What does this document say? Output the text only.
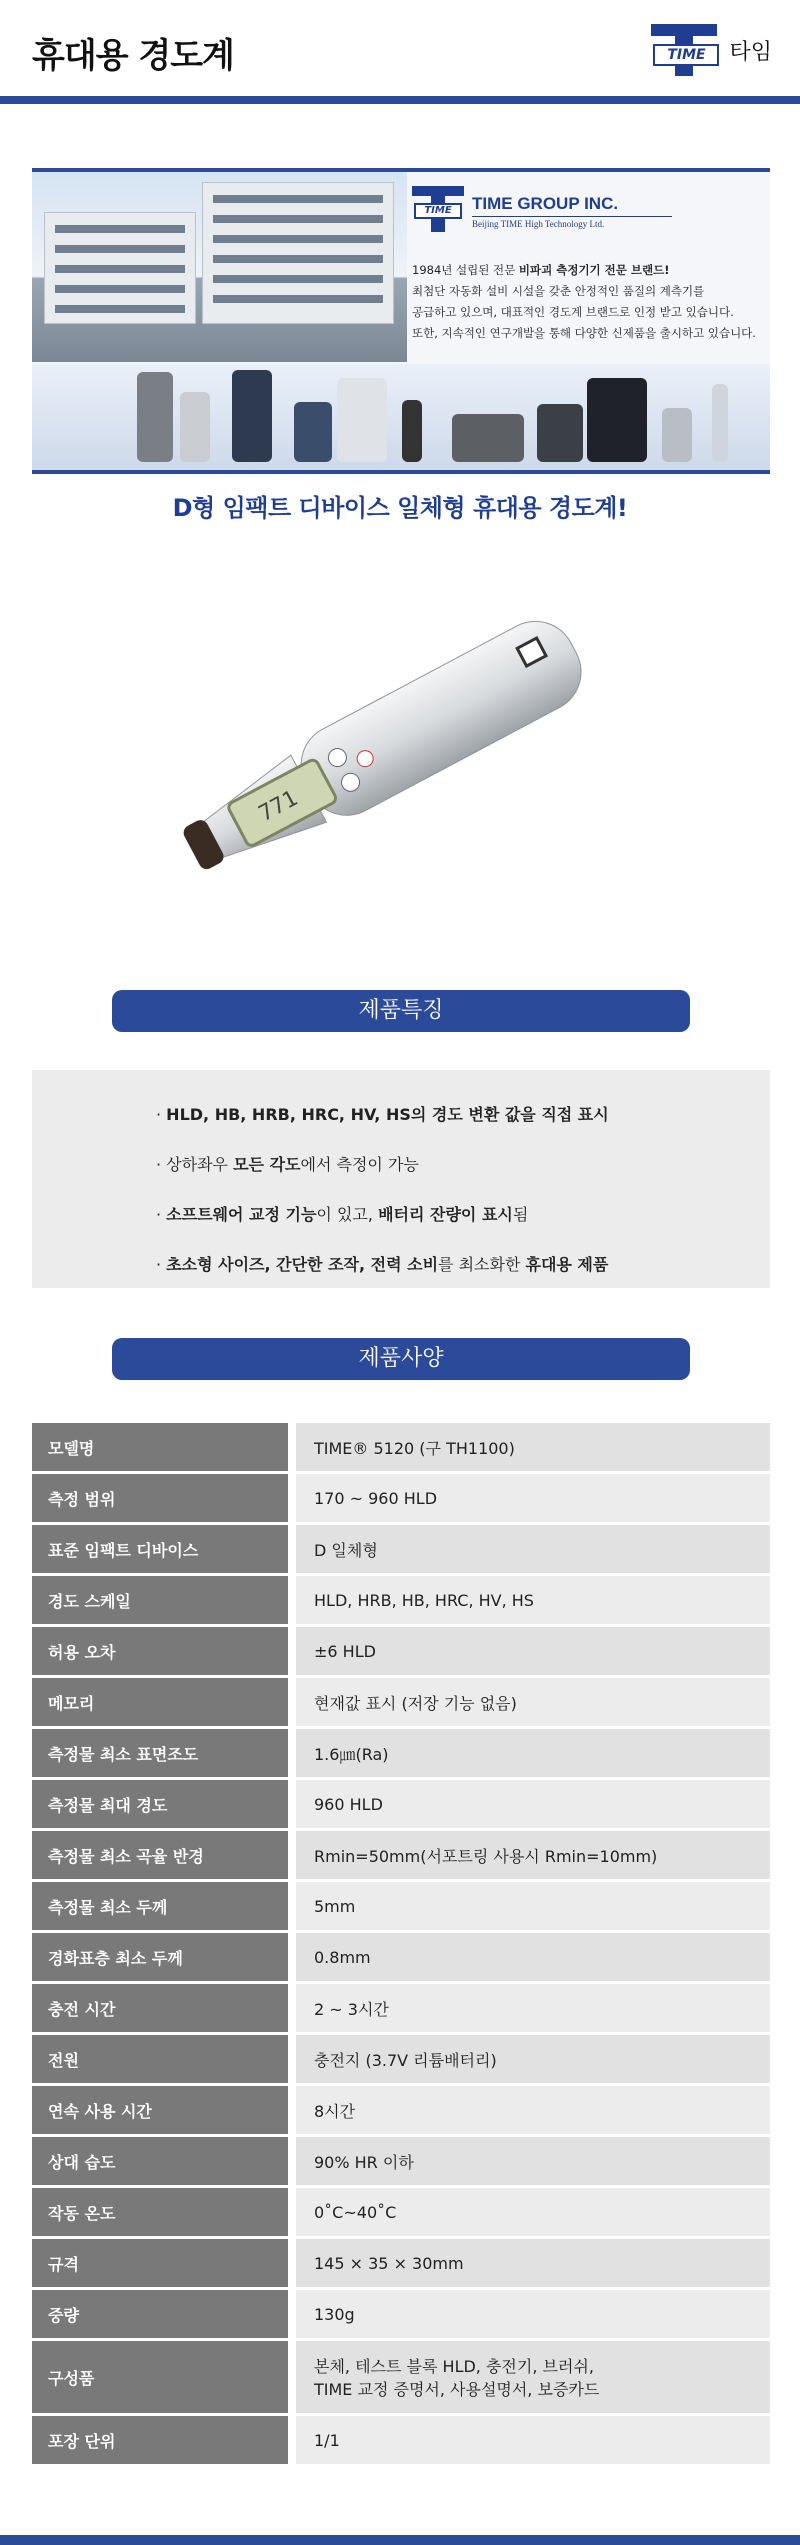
휴대용 경도계	TIME	타임
TIME	TIME GROUP INC.
Beijing TIME High Technology Ltd.
1984년 설립된 전문 비파괴 측정기기 전문 브랜드!
최첨단 자동화 설비 시설을 갖춘 안정적인 품질의 계측기를
공급하고 있으며, 대표적인 경도계 브랜드로 인정 받고 있습니다.
또한, 지속적인 연구개발을 통해 다양한 신제품을 출시하고 있습니다.
D형 임팩트 디바이스 일체형 휴대용 경도계!
771
제품특징
· HLD, HB, HRB, HRC, HV, HS의 경도 변환 값을 직접 표시
· 상하좌우 모든 각도에서 측정이 가능
· 소프트웨어 교정 기능이 있고, 배터리 잔량이 표시됨
· 초소형 사이즈, 간단한 조작, 전력 소비를 최소화한 휴대용 제품
제품사양
모델명	TIME® 5120 (구 TH1100)

측정 범위	170 ~ 960 HLD

표준 임팩트 디바이스	D 일체형

경도 스케일	HLD, HRB, HB, HRC, HV, HS

허용 오차	±6 HLD

메모리	현재값 표시 (저장 기능 없음)

측정물 최소 표면조도	1.6㎛(Ra)

측정물 최대 경도	960 HLD

측정물 최소 곡율 반경	Rmin=50mm(서포트링 사용시 Rmin=10mm)

측정물 최소 두께	5mm

경화표층 최소 두께	0.8mm

충전 시간	2 ~ 3시간

전원	충전지 (3.7V 리튬배터리)

연속 사용 시간	8시간

상대 습도	90% HR 이하

작동 온도	0˚C~40˚C

규격	145 × 35 × 30mm

중량	130g

구성품	본체, 테스트 블록 HLD, 충전기, 브러쉬,
TIME 교정 증명서, 사용설명서, 보증카드

포장 단위	1/1
